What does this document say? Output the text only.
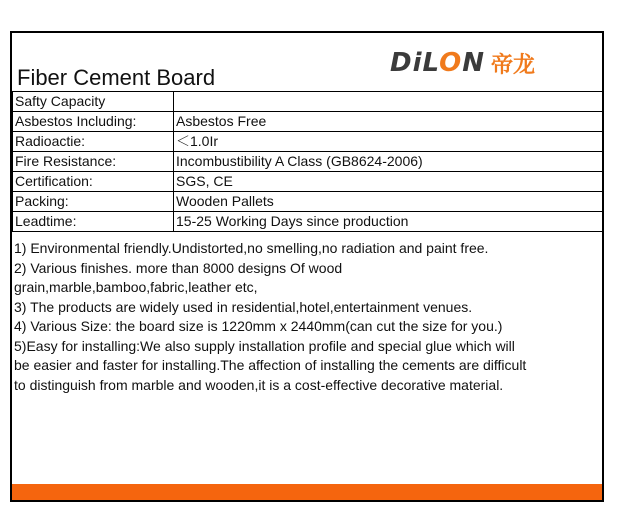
Fiber Cement Board	DiLON 帝龙
Safty Capacity	
Asbestos Including:	Asbestos Free
Radioactie:	＜1.0Ir
Fire Resistance:	Incombustibility A Class (GB8624-2006)
Certification:	SGS, CE
Packing:	Wooden Pallets
Leadtime:	15-25 Working Days since production
1) Environmental friendly.Undistorted,no smelling,no radiation and paint free.
2) Various finishes. more than 8000 designs Of wood
grain,marble,bamboo,fabric,leather etc,
3) The products are widely used in residential,hotel,entertainment venues.
4) Various Size: the board size is 1220mm x 2440mm(can cut the size for you.)
5)Easy for installing:We also supply installation profile and special glue which will
be easier and faster for installing.The affection of installing the cements are difficult
to distinguish from marble and wooden,it is a cost-effective decorative material.
